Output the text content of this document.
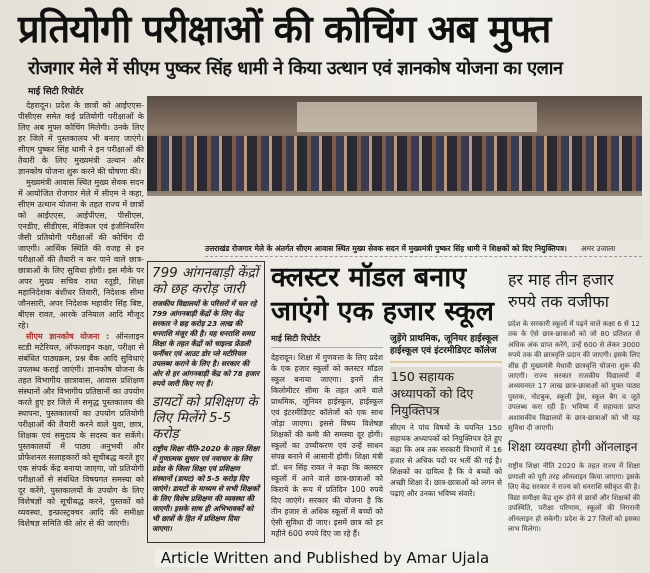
प्रतियोगी परीक्षाओं की कोचिंग अब मुफ्त
रोजगार मेले में सीएम पुष्कर सिंह धामी ने किया उत्थान एवं ज्ञानकोष योजना का एलान
माई सिटी रिपोर्टर

देहरादून। प्रदेश के छात्रों को आईएएस-पीसीएस समेत कई प्रतियोगी परीक्षाओं के लिए अब मुफ्त कोचिंग मिलेगी। उनके लिए हर जिले में पुस्तकालय भी बनाए जाएंगे। सीएम पुष्कर सिंह धामी ने इन परीक्षाओं की तैयारी के लिए मुख्यमंत्री उत्थान और ज्ञानकोष योजना शुरू करने की घोषणा की।

मुख्यमंत्री आवास स्थित मुख्य सेवक सदन में आयोजित रोजगार मेले में सीएम ने कहा, सीएम उत्थान योजना के तहत राज्य में छात्रों को आईएएस, आईपीएस, पीसीएस, एनडीए, सीडीएस, मेडिकल एवं इंजीनियरिंग जैसी प्रतियोगी परीक्षाओं की कोचिंग दी जाएगी। आर्थिक स्थिति की वजह से इन परीक्षाओं की तैयारी न कर पाने वाले छात्र-छात्राओं के लिए सुविधा होगी। इस मौके पर अपर मुख्य सचिव राधा रतूड़ी, शिक्षा महानिदेशक बंशीधर तिवारी, निदेशक सीमा जौनसारी, अपर निदेशक महावीर सिंह बिष्ट, बीएस रावत, आरके उनियाल आदि मौजूद रहे।

सीएम ज्ञानकोष योजना : ऑनलाइन स्टडी मटेरियल, ऑफलाइन कक्षा, परीक्षा से संबंधित पाठ्यक्रम, प्रश्न बैंक आदि सुविधाएं उपलब्ध कराई जाएंगी। ज्ञानकोष योजना के तहत विभागीय छात्रावास, आवास प्रशिक्षण संस्थानों और विभागीय प्रतिष्ठानों का उपयोग करते हुए हर जिले में समृद्ध पुस्तकालय की स्थापना, पुस्तकालयों का उपयोग प्रतियोगी परीक्षाओं की तैयारी करने वाले युवा, छात्र, शिक्षक एवं समुदाय के सदस्य कर सकेंगे। पुस्तकालयों में पाठ्य अनुभवी और प्रोफेशनल सलाहकारों को सूचीबद्ध करते हुए एक संपर्क केंद्र बनाया जाएगा, जो प्रतियोगी परीक्षाओं से संबंधित विषयगत समस्या को दूर करेंगे, पुस्तकालयों के उपयोग के लिए विशेषज्ञों को सूचीबद्ध करने, पुस्तकों को व्यवस्था, इन्फ्रास्ट्रक्चर आदि की समीक्षा विशेषज्ञ समिति की ओर से की जाएगी।

उत्तराखंड रोजगार मेले के अंतर्गत सीएम आवास स्थित मुख्य सेवक सदन में मुख्यमंत्री पुष्कर सिंह धामी ने शिक्षकों को दिए नियुक्तिपत्र। अमर उजाला
799 आंगनबाड़ी केंद्रों को छह करोड़ जारी

राजकीय विद्यालयों के परिसरों में चल रहे 799 आंगनबाड़ी केंद्रों के लिए केंद्र सरकार ने छह करोड़ 23 लाख की धनराशि मंजूर की है। यह धनराशि समग्र शिक्षा के तहत केंद्रों को चाइल्ड फ्रेंडली फर्नीचर एवं आउट डोर प्ले मटीरियल उपलब्ध कराने के लिए है। सरकार की ओर से हर आंगनबाड़ी केंद्र को 78 हजार रुपये जारी किए गए हैं।

डायटों को प्रशिक्षण के लिए मिलेंगे 5-5 करोड़

राष्ट्रीय शिक्षा नीति-2020 के तहत शिक्षा में गुणात्मक सुधार एवं नवाचार के लिए प्रदेश के जिला शिक्षा एवं प्रशिक्षण संस्थानों (डायट) को 5-5 करोड़ दिए जाएंगे। डायटों के माध्यम से सभी शिक्षकों के लिए विशेष प्रशिक्षण की व्यवस्था की जाएगी। इसके साथ ही अभिभावकों को भी छात्रों के हित में प्रशिक्षण दिया जाएगा।

क्लस्टर मॉडल बनाए जाएंगे एक हजार स्कूल
माई सिटी रिपोर्टर
देहरादून। शिक्षा में गुणवत्ता के लिए प्रदेश के एक हजार स्कूलों को क्लस्टर मॉडल स्कूल बनाया जाएगा। इनमें तीन किलोमीटर सीमा के तहत आने वाले प्राथमिक, जूनियर हाईस्कूल, हाईस्कूल एवं इंटरमीडिएट कॉलेजों को एक साथ जोड़ा जाएगा। इससे विषय विशेषज्ञ शिक्षकों की कमी की समस्या दूर होगी। स्कूलों का उच्चीकरण एवं उन्हें साधन संपन्न बनाने में आसानी होगी। शिक्षा मंत्री डॉ. धन सिंह रावत ने कहा कि क्लस्टर स्कूलों में आने वाले छात्र-छात्राओं को किराये के रूप में प्रतिदिन 100 रुपये दिए जाएंगे। सरकार की योजना है कि तीन हजार से अधिक स्कूलों में बच्चों को ऐसी सुविधा दी जाए। इसमें छात्र को हर महीने 600 रुपये दिए जा रहे हैं।
जुड़ेंगे प्राथमिक, जूनियर हाईस्कूल हाईस्कूल एवं इंटरमीडिएट कॉलेज
150 सहायक अध्यापकों को दिए नियुक्तिपत्र

सीएम ने पांच विषयों के चयनित 150 सहायक अध्यापकों को नियुक्तिपत्र देते हुए कहा कि अब तक सरकारी विभागों में 16 हजार से अधिक पदों पर भर्ती की गई है। शिक्षकों का दायित्व है कि वे बच्चों को अच्छी शिक्षा दें। छात्र-छात्राओं को लगन से पढ़ाएं और उनका भविष्य संवारें।

हर माह तीन हजार रुपये तक वजीफा

प्रदेश के सरकारी स्कूलों में पढ़ने वाले कक्षा 6 से 12 तक के ऐसे छात्र-छात्राओं को जो 80 प्रतिशत से अधिक अंक प्राप्त करेंगे, उन्हें 600 से लेकर 3000 रुपये तक की छात्रवृत्ति प्रदान की जाएगी। इसके लिए शीघ्र ही मुख्यमंत्री मेधावी छात्रवृत्ति योजना शुरू की जाएगी। राज्य सरकार राजकीय विद्यालयों में अध्ययनरत 17 लाख छात्र-छात्राओं को मुफ्त पाठ्य पुस्तक, नोटबुक, स्कूली ड्रेस, स्कूल बैग व जूते उपलब्ध करा रही है। भविष्य में सहायता प्राप्त अशासकीय विद्यालयों के छात्र-छात्राओं को भी यह सुविधा दी जाएगी।

शिक्षा व्यवस्था होगी ऑनलाइन

राष्ट्रीय शिक्षा नीति 2020 के तहत राज्य में शिक्षा प्रणाली को पूरी तरह ऑनलाइन किया जाएगा। इसके लिए केंद्र सरकार ने राज्य को धनराशि स्वीकृत की है। विद्या समीक्षा केंद्र शुरू होने से छात्रों और शिक्षकों की उपस्थिति, परीक्षा परिणाम, स्कूलों की निगरानी ऑनलाइन हो सकेगी। प्रदेश के 27 जिलों को इसका लाभ मिलेगा।

Article Written and Published by Amar Ujala
